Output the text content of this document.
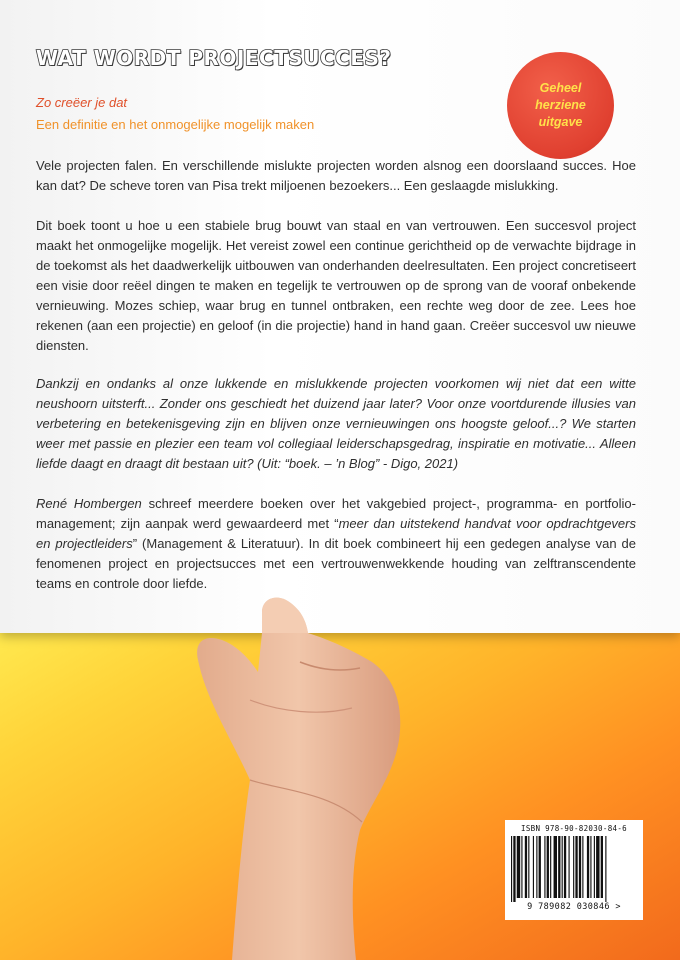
WAT WORDT PROJECTSUCCES?
Zo creëer je dat
Een definitie en het onmogelijke mogelijk maken
Geheel
herziene
uitgave

Vele projecten falen. En verschillende mislukte projecten worden alsnog een doorslaand succes. Hoe kan dat? De scheve toren van Pisa trekt miljoenen bezoekers... Een geslaagde mislukking.

Dit boek toont u hoe u een stabiele brug bouwt van staal en van vertrouwen. Een succesvol project maakt het onmogelijke mogelijk. Het vereist zowel een continue gerichtheid op de verwachte bijdrage in de toekomst als het daadwerkelijk uitbouwen van onderhanden deelresultaten. Een project concretiseert een visie door reëel dingen te maken en tegelijk te vertrouwen op de sprong van de vooraf onbekende vernieuwing. Mozes schiep, waar brug en tunnel ontbraken, een rechte weg door de zee. Lees hoe rekenen (aan een projectie) en geloof (in die projectie) hand in hand gaan. Creëer succesvol uw nieuwe diensten.

Dankzij en ondanks al onze lukkende en mislukkende projecten voorkomen wij niet dat een witte neushoorn uitsterft... Zonder ons geschiedt het duizend jaar later? Voor onze voortdurende illusies van verbetering en betekenisgeving zijn en blijven onze vernieuwingen ons hoogste geloof...? We starten weer met passie en plezier een team vol collegiaal leiderschapsgedrag, inspiratie en motivatie... Alleen liefde daagt en draagt dit bestaan uit? (Uit: “boek. – ’n Blog” - Digo, 2021)

René Hombergen schreef meerdere boeken over het vakgebied project-, programma- en portfolio-management; zijn aanpak werd gewaardeerd met “meer dan uitstekend handvat voor opdrachtgevers en projectleiders” (Management & Literatuur). In dit boek combineert hij een gedegen analyse van de fenomenen project en projectsucces met een vertrouwenwekkende houding van zelftranscendente teams en controle door liefde.

ISBN 978-90-82030-84-6
9 789082 030846 >
